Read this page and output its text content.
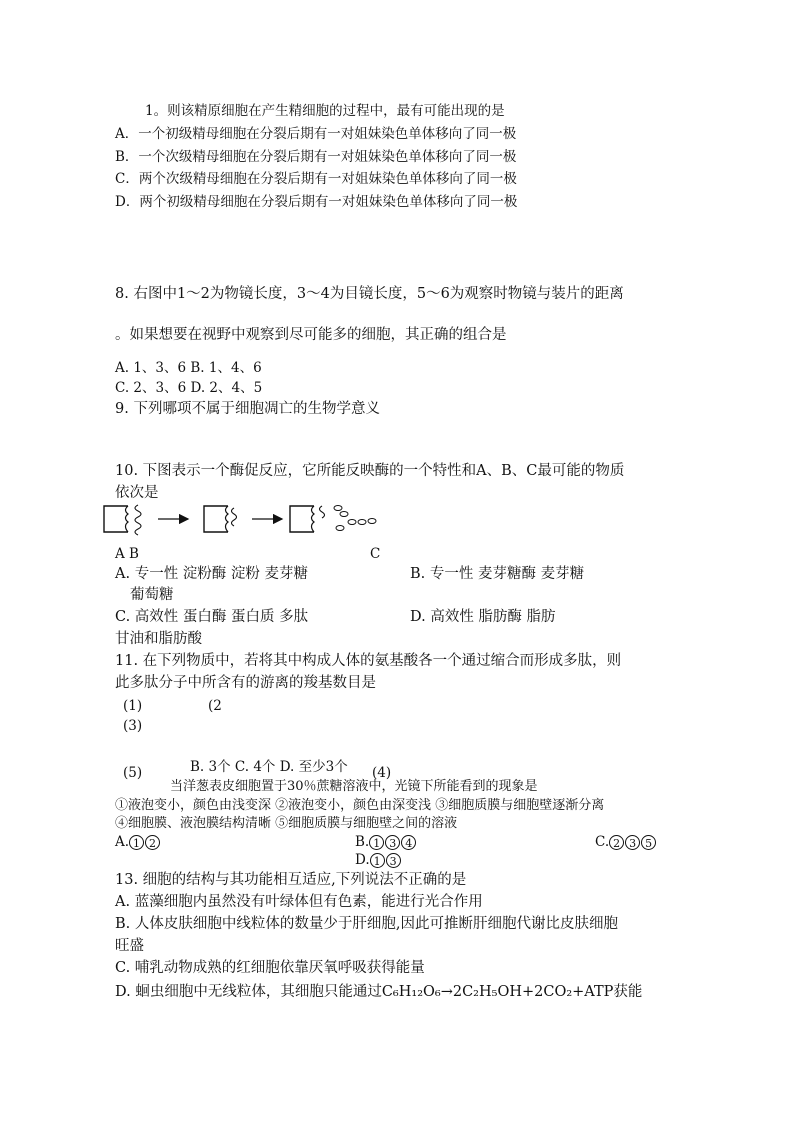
1。则该精原细胞在产生精细胞的过程中，最有可能出现的是
A．一个初级精母细胞在分裂后期有一对姐妹染色单体移向了同一极
B．一个次级精母细胞在分裂后期有一对姐妹染色单体移向了同一极
C．两个次级精母细胞在分裂后期有一对姐妹染色单体移向了同一极
D．两个初级精母细胞在分裂后期有一对姐妹染色单体移向了同一极
8. 右图中1～2为物镜长度，3～4为目镜长度，5～6为观察时物镜与装片的距离
。如果想要在视野中观察到尽可能多的细胞，其正确的组合是
A. 1、3、6 B. 1、4、6
C. 2、3、6 D. 2、4、5
9. 下列哪项不属于细胞凋亡的生物学意义
10. 下图表示一个酶促反应，它所能反映酶的一个特性和A、B、C最可能的物质
依次是
A B	C
A. 专一性 淀粉酶 淀粉 麦芽糖	B. 专一性 麦芽糖酶 麦芽糖
葡萄糖
C. 高效性 蛋白酶 蛋白质 多肽	D. 高效性 脂肪酶 脂肪
甘油和脂肪酸
11. 在下列物质中，若将其中构成人体的氨基酸各一个通过缩合而形成多肽，则
此多肽分子中所含有的游离的羧基数目是
(1)	(2
(3)
B. 3个 C. 4个 D. 至少3个
(5)	(4)
当洋葱表皮细胞置于30％蔗糖溶液中，光镜下所能看到的现象是
①液泡变小，颜色由浅变深 ②液泡变小，颜色由深变浅 ③细胞质膜与细胞壁逐渐分离
④细胞膜、液泡膜结构清晰 ⑤细胞质膜与细胞壁之间的溶液
A. 1 2	B. 1 3 4	C. 2 3 5
D. 1 3
13. 细胞的结构与其功能相互适应,下列说法不正确的是
A. 蓝藻细胞内虽然没有叶绿体但有色素，能进行光合作用
B. 人体皮肤细胞中线粒体的数量少于肝细胞,因此可推断肝细胞代谢比皮肤细胞
旺盛
C. 哺乳动物成熟的红细胞依靠厌氧呼吸获得能量
D. 蛔虫细胞中无线粒体，其细胞只能通过C₆H₁₂O₆→2C₂H₅OH+2CO₂+ATP获能
